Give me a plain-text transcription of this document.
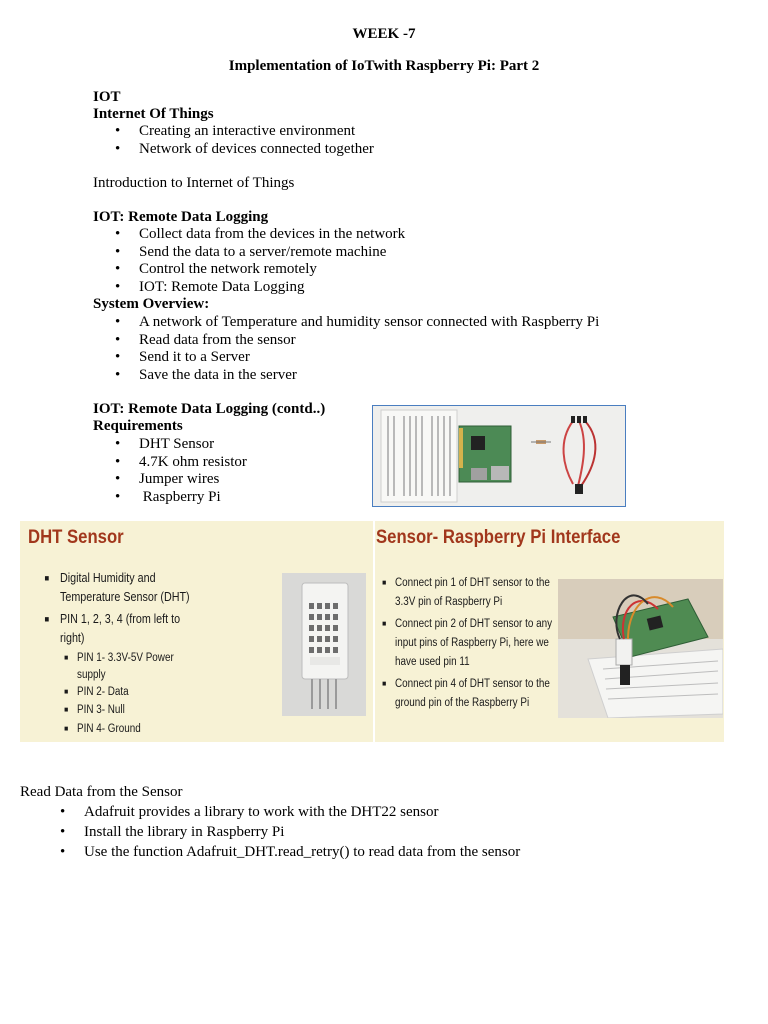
WEEK -7
Implementation of IoTwith Raspberry Pi: Part 2
IOT
Internet Of Things
• Creating an interactive environment
• Network of devices connected together
Introduction to Internet of Things
IOT: Remote Data Logging
• Collect data from the devices in the network
• Send the data to a server/remote machine
• Control the network remotely
• IOT: Remote Data Logging
System Overview:
• A network of Temperature and humidity sensor connected with Raspberry Pi
• Read data from the sensor
• Send it to a Server
• Save the data in the server
IOT: Remote Data Logging (contd..)
Requirements
• DHT Sensor
• 4.7K ohm resistor
• Jumper wires
•  Raspberry Pi
DHT Sensor
■ Digital Humidity and
Temperature Sensor (DHT)
■ PIN 1, 2, 3, 4 (from left to
right)
■ PIN 1- 3.3V-5V Power
supply
■ PIN 2- Data
■ PIN 3- Null
■ PIN 4- Ground
Sensor- Raspberry Pi Interface
■ Connect pin 1 of DHT sensor to the
3.3V pin of Raspberry Pi
■ Connect pin 2 of DHT sensor to any
input pins of Raspberry Pi, here we
have used pin 11
■ Connect pin 4 of DHT sensor to the
ground pin of the Raspberry Pi
Read Data from the Sensor
• Adafruit provides a library to work with the DHT22 sensor
• Install the library in Raspberry Pi
• Use the function Adafruit_DHT.read_retry() to read data from the sensor
